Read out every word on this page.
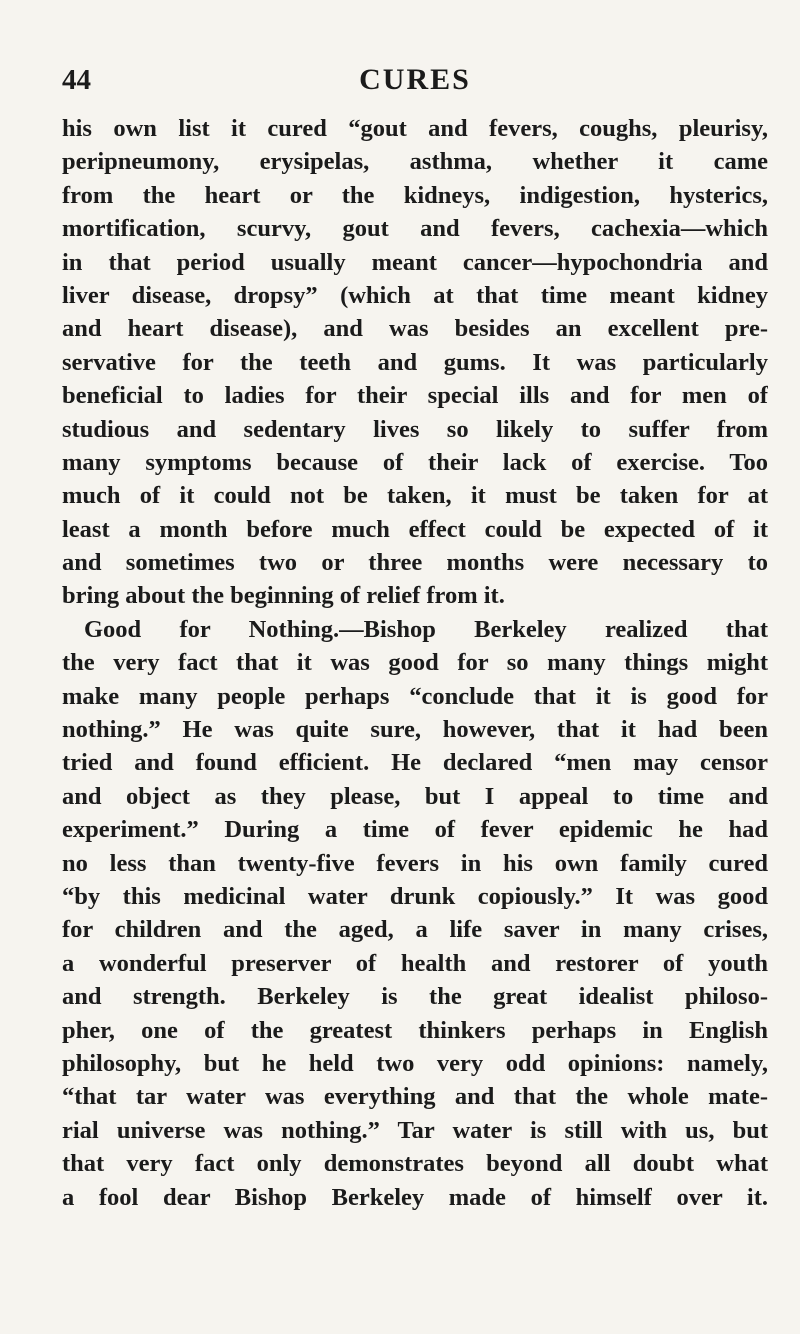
44	CURES
his own list it cured “gout and fevers, coughs, pleurisy,
peripneumony, erysipelas, asthma, whether it came
from the heart or the kidneys, indigestion, hysterics,
mortification, scurvy, gout and fevers, cachexia—which
in that period usually meant cancer—hypochondria and
liver disease, dropsy” (which at that time meant kidney
and heart disease), and was besides an excellent pre-
servative for the teeth and gums. It was particularly
beneficial to ladies for their special ills and for men of
studious and sedentary lives so likely to suffer from
many symptoms because of their lack of exercise. Too
much of it could not be taken, it must be taken for at
least a month before much effect could be expected of it
and sometimes two or three months were necessary to
bring about the beginning of relief from it.
Good for Nothing.—Bishop Berkeley realized that
the very fact that it was good for so many things might
make many people perhaps “conclude that it is good for
nothing.” He was quite sure, however, that it had been
tried and found efficient. He declared “men may censor
and object as they please, but I appeal to time and
experiment.” During a time of fever epidemic he had
no less than twenty-five fevers in his own family cured
“by this medicinal water drunk copiously.” It was good
for children and the aged, a life saver in many crises,
a wonderful preserver of health and restorer of youth
and strength. Berkeley is the great idealist philoso-
pher, one of the greatest thinkers perhaps in English
philosophy, but he held two very odd opinions: namely,
“that tar water was everything and that the whole mate-
rial universe was nothing.” Tar water is still with us, but
that very fact only demonstrates beyond all doubt what
a fool dear Bishop Berkeley made of himself over it.
